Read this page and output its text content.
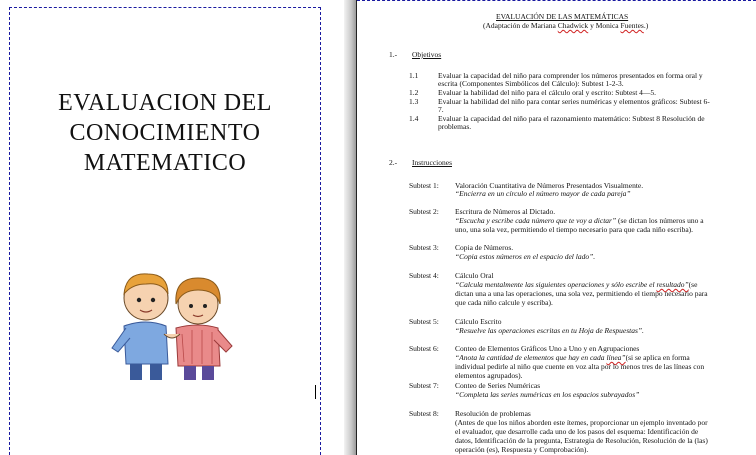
EVALUACION DEL
CONOCIMIENTO
MATEMATICO
EVALUACIÓN DE LAS MATEMÁTICAS
(Adaptación de Mariana Chadwick y Monica Fuentes.)
1.- Objetivos
1.1	Evaluar la capacidad del niño para comprender los números presentados en forma oral y
escrita (Componentes Simbólicos del Cálculo): Subtest 1-2-3.
1.2	Evaluar la habilidad del niño para el cálculo oral y escrito: Subtest 4—5.
1.3	Evaluar la habilidad del niño para contar series numéricas y elementos gráficos: Subtest 6-
7.
1.4	Evaluar la capacidad del niño para el razonamiento matemático: Subtest 8 Resolución de
problemas.
2.- Instrucciones
Subtest 1: Valoración Cuantitativa de Números Presentados Visualmente.
“Encierra en un círculo el número mayor de cada pareja”
Subtest 2: Escritura de Números al Dictado.
“Escucha y escribe cada número que te voy a dictar” (se dictan los números uno a
uno, una sola vez, permitiendo el tiempo necesario para que cada niño escriba).
Subtest 3: Copia de Números.
“Copia estos números en el espacio del lado”.
Subtest 4: Cálculo Oral
“Calcula mentalmente las siguientes operaciones y sólo escribe el resultado”(se
dictan una a una las operaciones, una sola vez, permitiendo el tiempo necesario para
que cada niño calcule y escriba).
Subtest 5: Cálculo Escrito
“Resuelve las operaciones escritas en tu Hoja de Respuestas”.
Subtest 6: Conteo de Elementos Gráficos Uno a Uno y en Agrupaciones
“Anota la cantidad de elementos que hay en cada línea”(si se aplica en forma
individual pedirle al niño que cuente en voz alta por lo menos tres de las líneas con
elementos agrupados).
Subtest 7: Conteo de Series Numéricas
“Completa las series numéricas en los espacios subrayados”
Subtest 8: Resolución de problemas
(Antes de que los niños aborden este ítemes, proporcionar un ejemplo inventado por
el evaluador, que desarrolle cada uno de los pasos del esquema: Identificación de
datos, Identificación de la pregunta, Estrategia de Resolución, Resolución de la (las)
operación (es), Respuesta y Comprobación).
